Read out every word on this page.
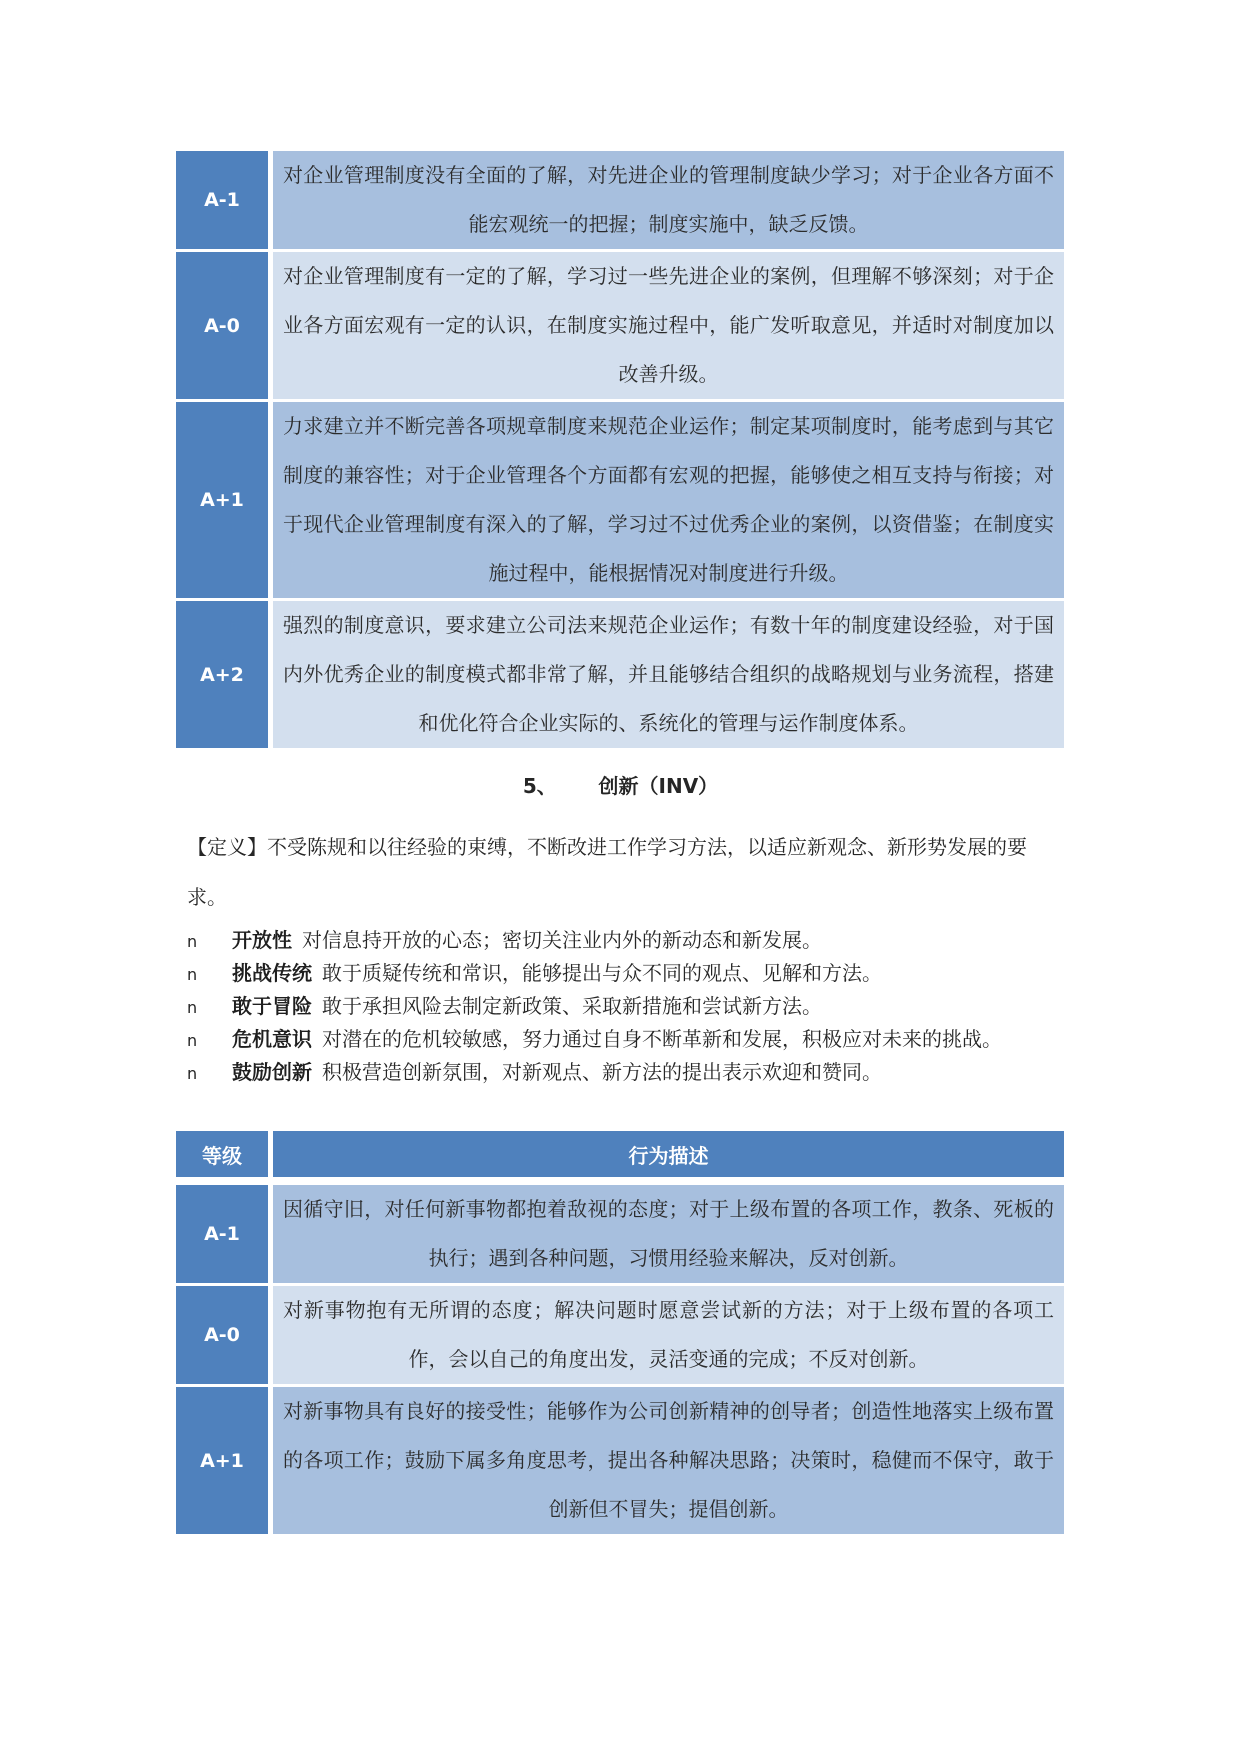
A-1	对企业管理制度没有全面的了解，对先进企业的管理制度缺少学习；对于企业各方面不能宏观统一的把握；制度实施中，缺乏反馈。
A-0	对企业管理制度有一定的了解，学习过一些先进企业的案例，但理解不够深刻；对于企业各方面宏观有一定的认识，在制度实施过程中，能广发听取意见，并适时对制度加以改善升级。
A+1	力求建立并不断完善各项规章制度来规范企业运作；制定某项制度时，能考虑到与其它制度的兼容性；对于企业管理各个方面都有宏观的把握，能够使之相互支持与衔接；对于现代企业管理制度有深入的了解，学习过不过优秀企业的案例，以资借鉴；在制度实施过程中，能根据情况对制度进行升级。
A+2	强烈的制度意识，要求建立公司法来规范企业运作；有数十年的制度建设经验，对于国内外优秀企业的制度模式都非常了解，并且能够结合组织的战略规划与业务流程，搭建和优化符合企业实际的、系统化的管理与运作制度体系。
5、 创新（INV）
【定义】不受陈规和以往经验的束缚，不断改进工作学习方法，以适应新观念、新形势发展的要求。
n 开放性 对信息持开放的心态；密切关注业内外的新动态和新发展。
n 挑战传统 敢于质疑传统和常识，能够提出与众不同的观点、见解和方法。
n 敢于冒险 敢于承担风险去制定新政策、采取新措施和尝试新方法。
n 危机意识 对潜在的危机较敏感，努力通过自身不断革新和发展，积极应对未来的挑战。
n 鼓励创新 积极营造创新氛围，对新观点、新方法的提出表示欢迎和赞同。
等级	行为描述

A-1	因循守旧，对任何新事物都抱着敌视的态度；对于上级布置的各项工作，教条、死板的执行；遇到各种问题，习惯用经验来解决，反对创新。
A-0	对新事物抱有无所谓的态度；解决问题时愿意尝试新的方法；对于上级布置的各项工作，会以自己的角度出发，灵活变通的完成；不反对创新。
A+1	对新事物具有良好的接受性；能够作为公司创新精神的创导者；创造性地落实上级布置的各项工作；鼓励下属多角度思考，提出各种解决思路；决策时，稳健而不保守，敢于创新但不冒失；提倡创新。
